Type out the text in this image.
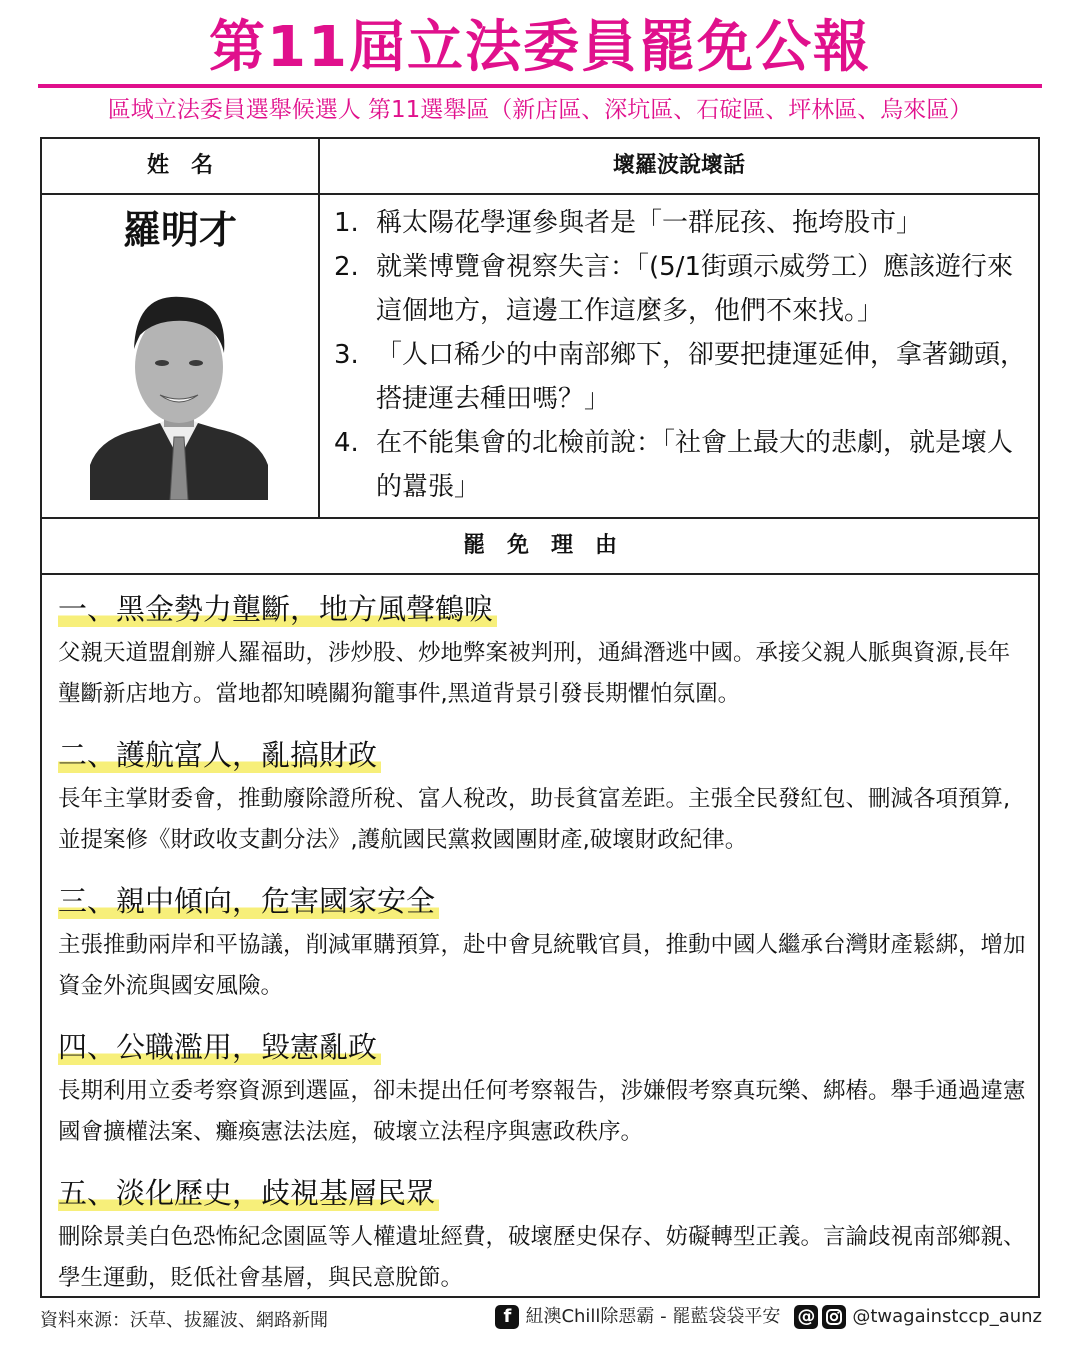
第11屆立法委員罷免公報
區域立法委員選舉候選人 第11選舉區（新店區、深坑區、石碇區、坪林區、烏來區）
姓　名	壞羅波說壞話
羅明才	1. 稱太陽花學運參與者是「一群屁孩、拖垮股市」
2. 就業博覽會視察失言：「(5/1街頭示威勞工）應該遊行來這個地方，這邊工作這麼多，他們不來找。」
3. 「人口稀少的中南部鄉下，卻要把捷運延伸，拿著鋤頭，搭捷運去種田嗎？」
4. 在不能集會的北檢前說：「社會上最大的悲劇，就是壞人的囂張」
罷　免　理　由
一、黑金勢力壟斷，地方風聲鶴唳

父親天道盟創辦人羅福助，涉炒股、炒地弊案被判刑，通緝潛逃中國。承接父親人脈與資源,長年壟斷新店地方。當地都知曉關狗籠事件,黑道背景引發長期懼怕氛圍。

二、護航富人，亂搞財政

長年主掌財委會，推動廢除證所稅、富人稅改，助長貧富差距。主張全民發紅包、刪減各項預算,並提案修《財政收支劃分法》,護航國民黨救國團財產,破壞財政紀律。

三、親中傾向，危害國家安全

主張推動兩岸和平協議，削減軍購預算，赴中會見統戰官員，推動中國人繼承台灣財產鬆綁，增加資金外流與國安風險。

四、公職濫用，毀憲亂政

長期利用立委考察資源到選區，卻未提出任何考察報告，涉嫌假考察真玩樂、綁樁。舉手通過違憲國會擴權法案、癱瘓憲法法庭，破壞立法程序與憲政秩序。

五、淡化歷史，歧視基層民眾

刪除景美白色恐怖紀念園區等人權遺址經費，破壞歷史保存、妨礙轉型正義。言論歧視南部鄉親、學生運動，貶低社會基層，與民意脫節。

資料來源：沃草、拔羅波、網路新聞	f 紐澳Chill除惡霸 - 罷藍袋袋平安 @ @twagainstccp_aunz
